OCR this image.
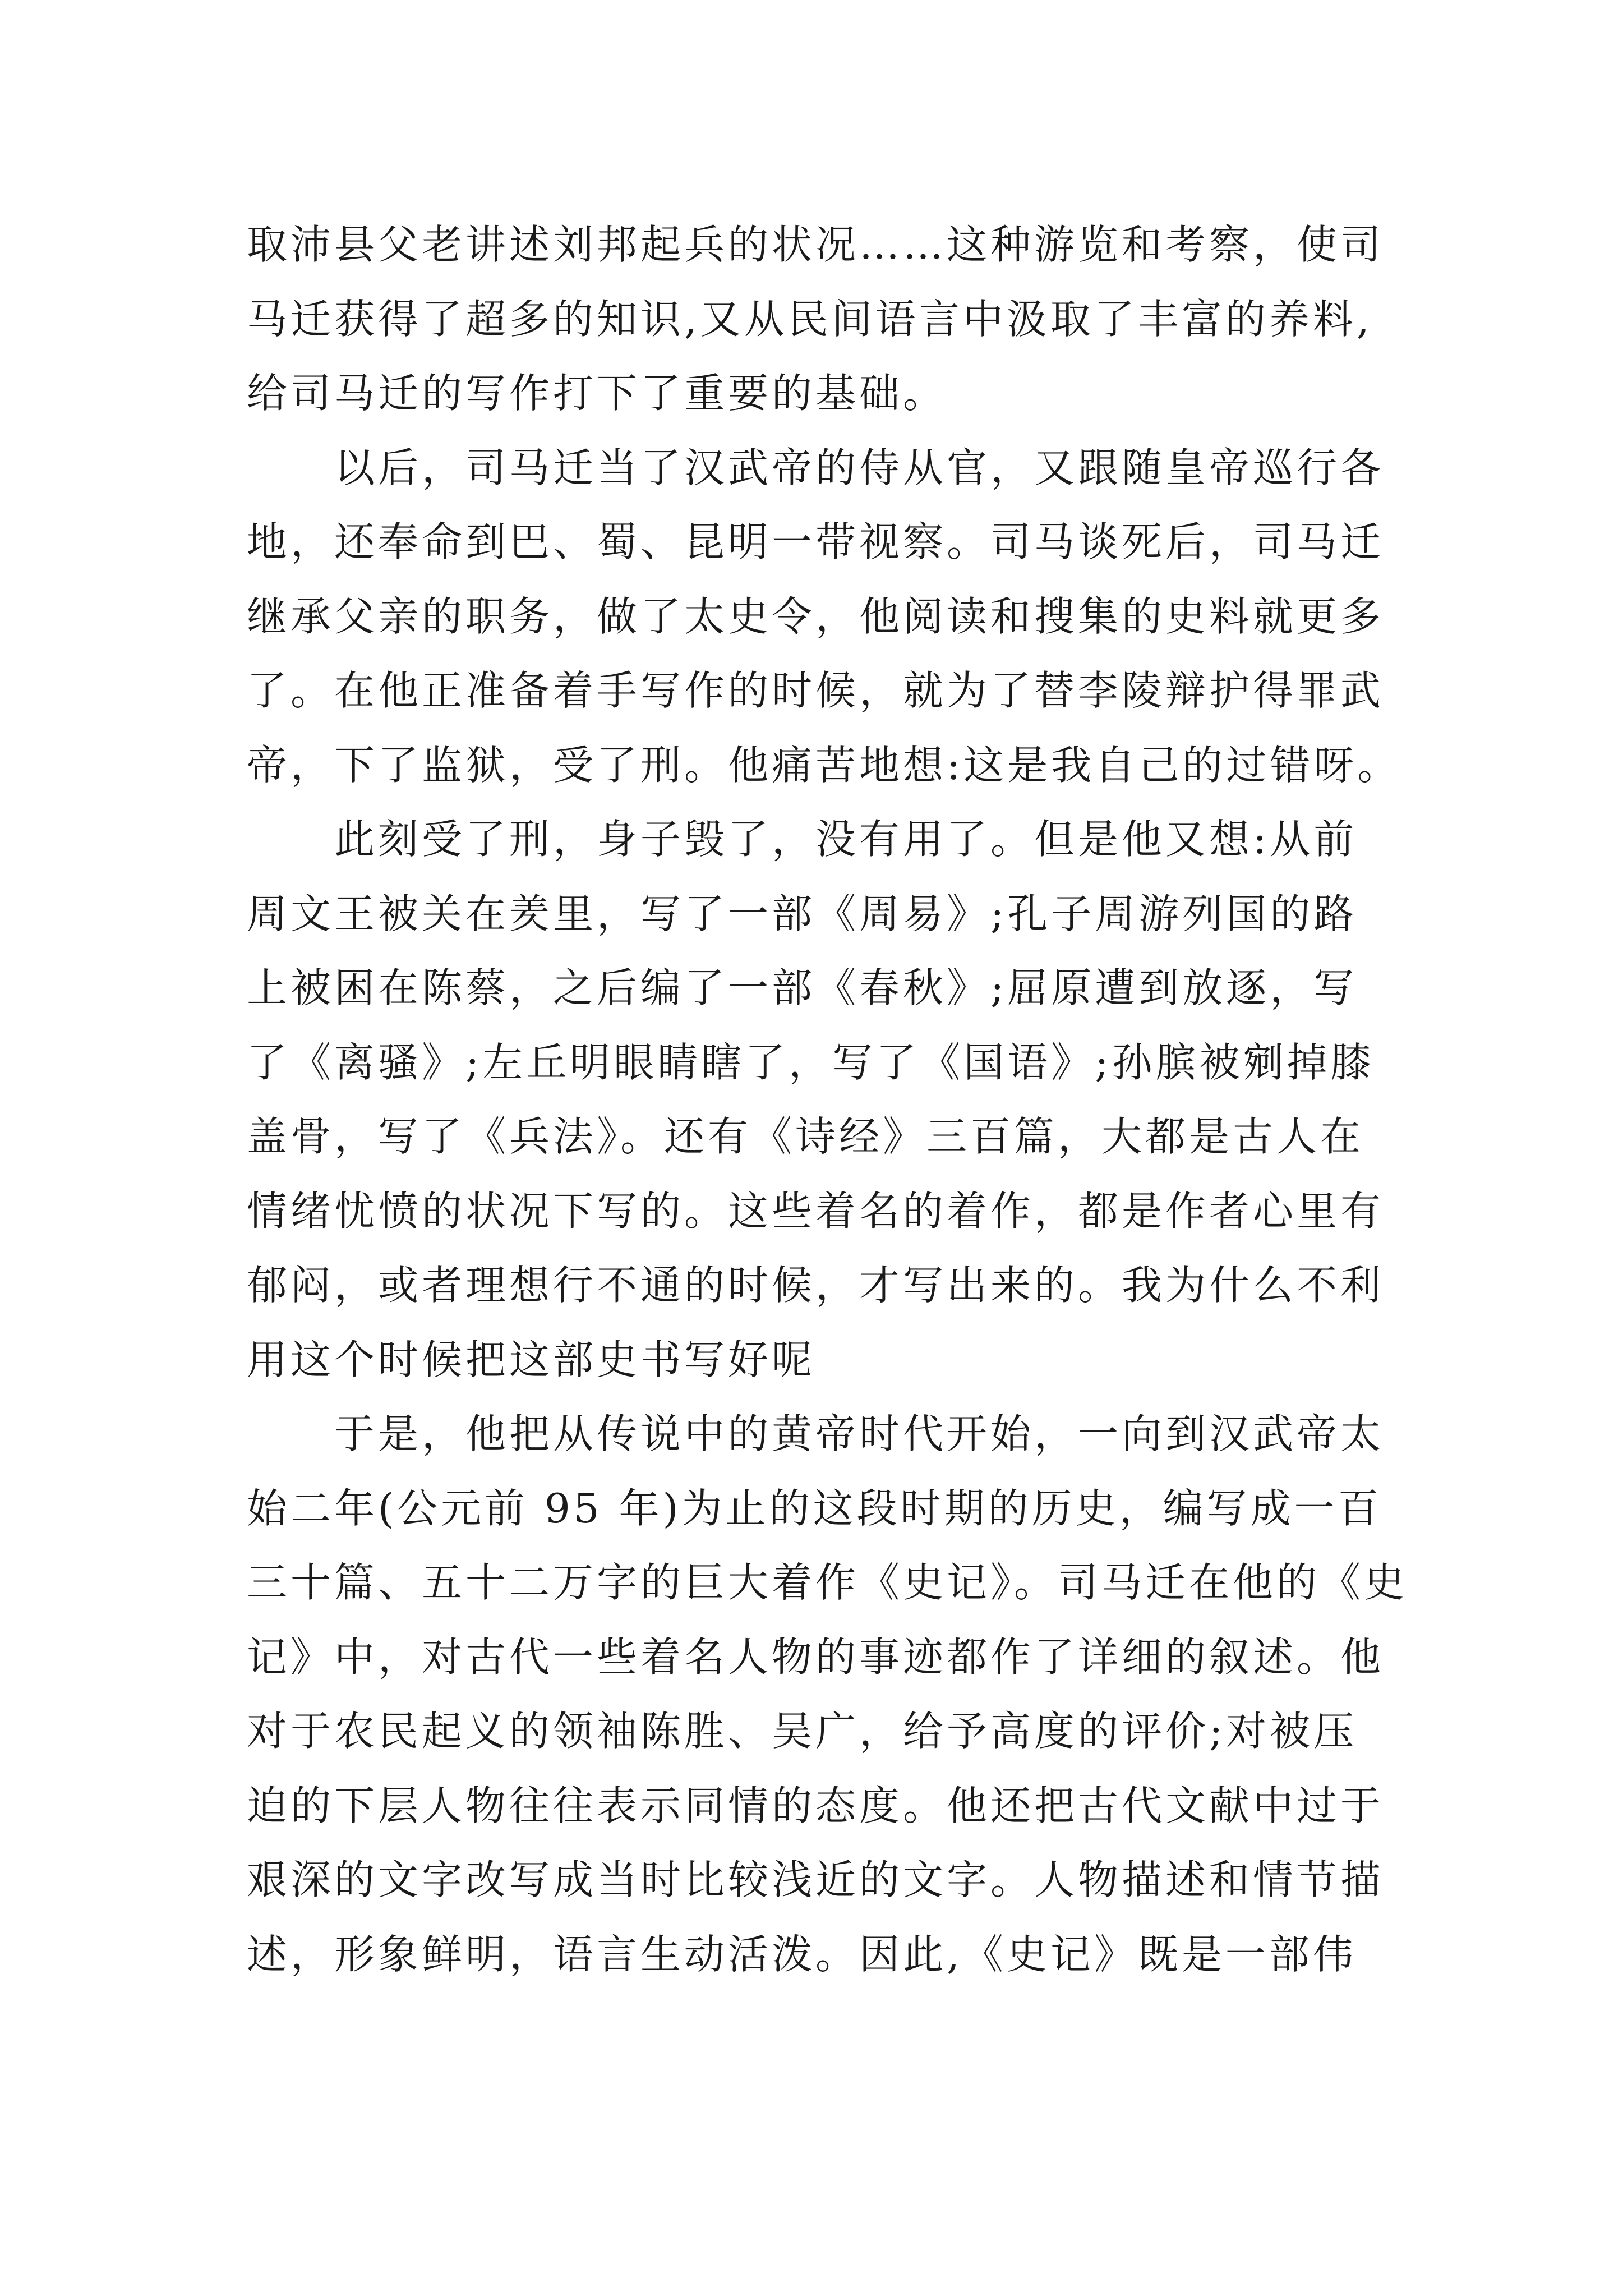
取沛县父老讲述刘邦起兵的状况……这种游览和考察，使司
马迁获得了超多的知识,又从民间语言中汲取了丰富的养料,
给司马迁的写作打下了重要的基础。
　　以后，司马迁当了汉武帝的侍从官，又跟随皇帝巡行各
地，还奉命到巴、蜀、昆明一带视察。司马谈死后，司马迁
继承父亲的职务，做了太史令，他阅读和搜集的史料就更多
了。在他正准备着手写作的时候，就为了替李陵辩护得罪武
帝，下了监狱，受了刑。他痛苦地想:这是我自己的过错呀。
　　此刻受了刑，身子毁了，没有用了。但是他又想:从前
周文王被关在羑里，写了一部《周易》;孔子周游列国的路
上被困在陈蔡，之后编了一部《春秋》;屈原遭到放逐，写
了《离骚》;左丘明眼睛瞎了，写了《国语》;孙膑被剜掉膝
盖骨，写了《兵法》。还有《诗经》三百篇，大都是古人在
情绪忧愤的状况下写的。这些着名的着作，都是作者心里有
郁闷，或者理想行不通的时候，才写出来的。我为什么不利
用这个时候把这部史书写好呢
　　于是，他把从传说中的黄帝时代开始，一向到汉武帝太
始二年(公元前 95 年)为止的这段时期的历史，编写成一百
三十篇、五十二万字的巨大着作《史记》。司马迁在他的《史
记》中，对古代一些着名人物的事迹都作了详细的叙述。他
对于农民起义的领袖陈胜、吴广，给予高度的评价;对被压
迫的下层人物往往表示同情的态度。他还把古代文献中过于
艰深的文字改写成当时比较浅近的文字。人物描述和情节描
述，形象鲜明，语言生动活泼。因此,《史记》既是一部伟
